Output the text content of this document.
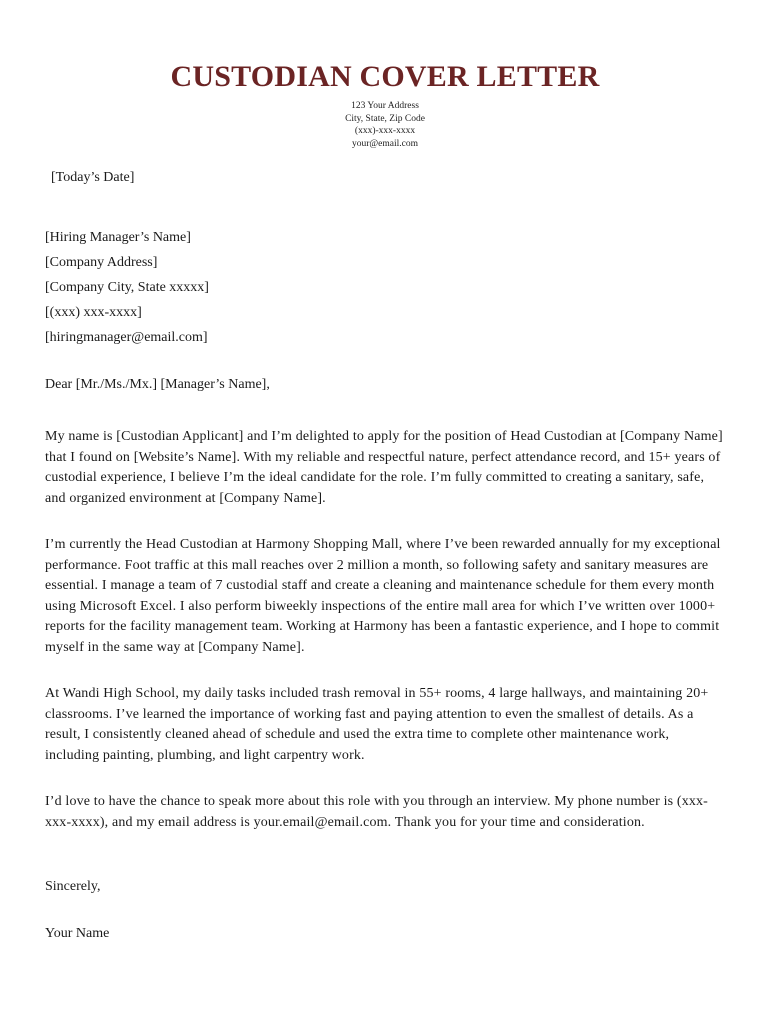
CUSTODIAN COVER LETTER
123 Your Address
City, State, Zip Code
(xxx)-xxx-xxxx
your@email.com
[Today’s Date]
[Hiring Manager’s Name]
[Company Address]
[Company City, State xxxxx]
[(xxx) xxx-xxxx]
[hiringmanager@email.com]
Dear [Mr./Ms./Mx.] [Manager’s Name],

My name is [Custodian Applicant] and I’m delighted to apply for the position of Head Custodian at [Company Name] that I found on [Website’s Name]. With my reliable and respectful nature, perfect attendance record, and 15+ years of custodial experience, I believe I’m the ideal candidate for the role. I’m fully committed to creating a sanitary, safe, and organized environment at [Company Name].

I’m currently the Head Custodian at Harmony Shopping Mall, where I’ve been rewarded annually for my exceptional performance. Foot traffic at this mall reaches over 2 million a month, so following safety and sanitary measures are essential. I manage a team of 7 custodial staff and create a cleaning and maintenance schedule for them every month using Microsoft Excel. I also perform biweekly inspections of the entire mall area for which I’ve written over 1000+ reports for the facility management team. Working at Harmony has been a fantastic experience, and I hope to commit myself in the same way at [Company Name].

At Wandi High School, my daily tasks included trash removal in 55+ rooms, 4 large hallways, and maintaining 20+ classrooms. I’ve learned the importance of working fast and paying attention to even the smallest of details. As a result, I consistently cleaned ahead of schedule and used the extra time to complete other maintenance work, including painting, plumbing, and light carpentry work.

I’d love to have the chance to speak more about this role with you through an interview. My phone number is (xxx-xxx-xxxx), and my email address is your.email@email.com. Thank you for your time and consideration.

Sincerely,
Your Name
